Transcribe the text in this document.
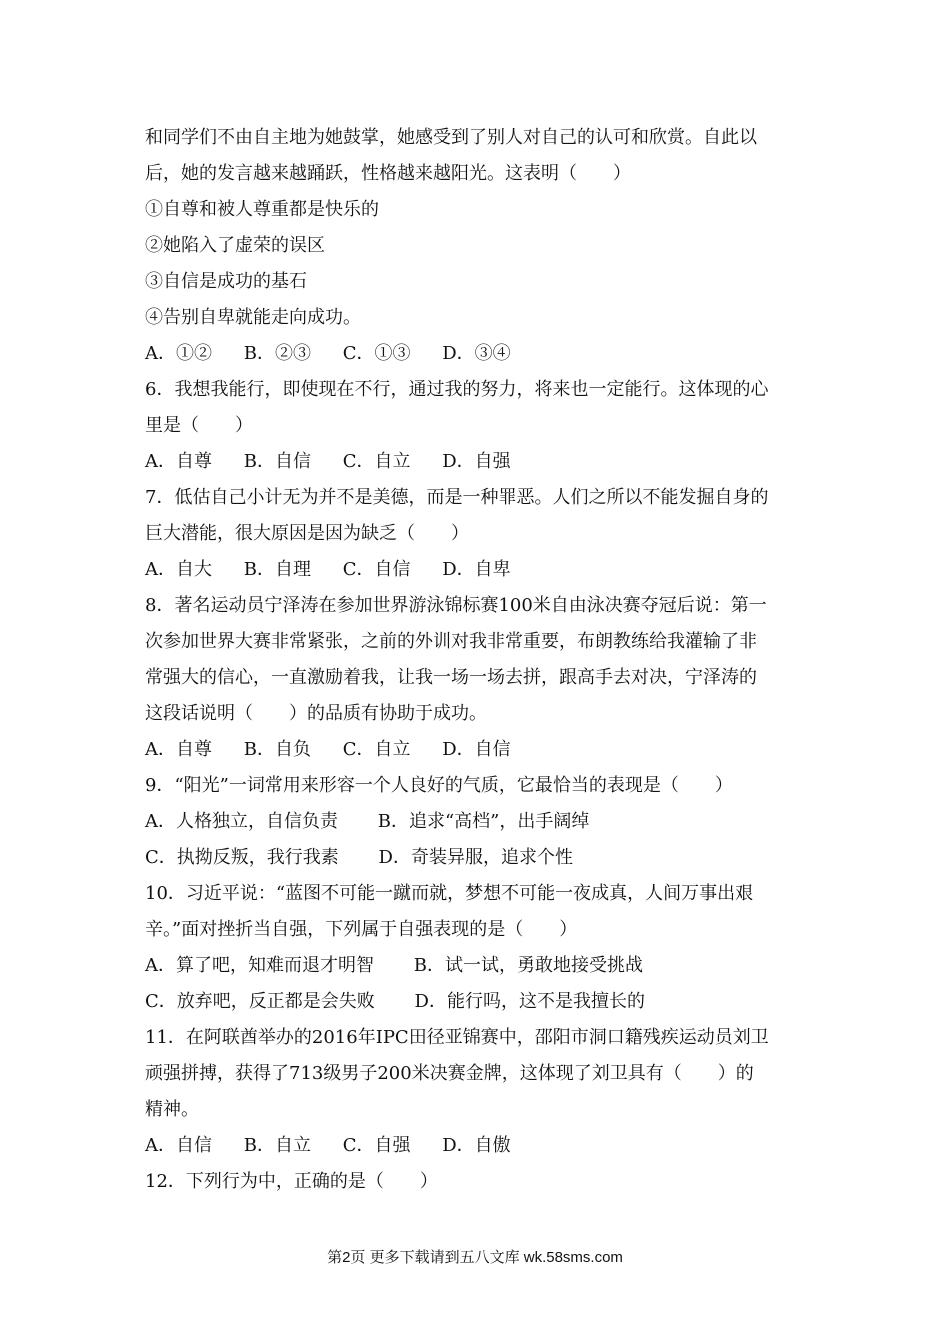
和同学们不由自主地为她鼓掌，她感受到了别人对自己的认可和欣赏。自此以
后，她的发言越来越踊跃，性格越来越阳光。这表明（　　）
①自尊和被人尊重都是快乐的
②她陷入了虚荣的误区
③自信是成功的基石
④告别自卑就能走向成功。
A．①② B．②③ C．①③ D．③④
6．我想我能行，即使现在不行，通过我的努力，将来也一定能行。这体现的心
里是（　　）
A．自尊 B．自信 C．自立 D．自强
7．低估自己小计无为并不是美德，而是一种罪恶。人们之所以不能发掘自身的
巨大潜能，很大原因是因为缺乏（　　）
A．自大 B．自理 C．自信 D．自卑
8．著名运动员宁泽涛在参加世界游泳锦标赛100米自由泳决赛夺冠后说：第一
次参加世界大赛非常紧张，之前的外训对我非常重要，布朗教练给我灌输了非
常强大的信心，一直激励着我，让我一场一场去拼，跟高手去对决，宁泽涛的
这段话说明（　　）的品质有协助于成功。
A．自尊 B．自负 C．自立 D．自信
9．“阳光”一词常用来形容一个人良好的气质，它最恰当的表现是（　　）
A．人格独立，自信负责 B．追求“高档”，出手阔绰
C．执拗反叛，我行我素 D．奇装异服，追求个性
10．习近平说：“蓝图不可能一蹴而就，梦想不可能一夜成真，人间万事出艰
辛。”面对挫折当自强，下列属于自强表现的是（　　）
A．算了吧，知难而退才明智 B．试一试，勇敢地接受挑战
C．放弃吧，反正都是会失败 D．能行吗，这不是我擅长的
11．在阿联酋举办的2016年IPC田径亚锦赛中，邵阳市洞口籍残疾运动员刘卫
顽强拼搏，获得了713级男子200米决赛金牌，这体现了刘卫具有（　　）的
精神。
A．自信 B．自立 C．自强 D．自傲
12．下列行为中，正确的是（　　）
第2页 更多下载请到五八文库 wk.58sms.com
